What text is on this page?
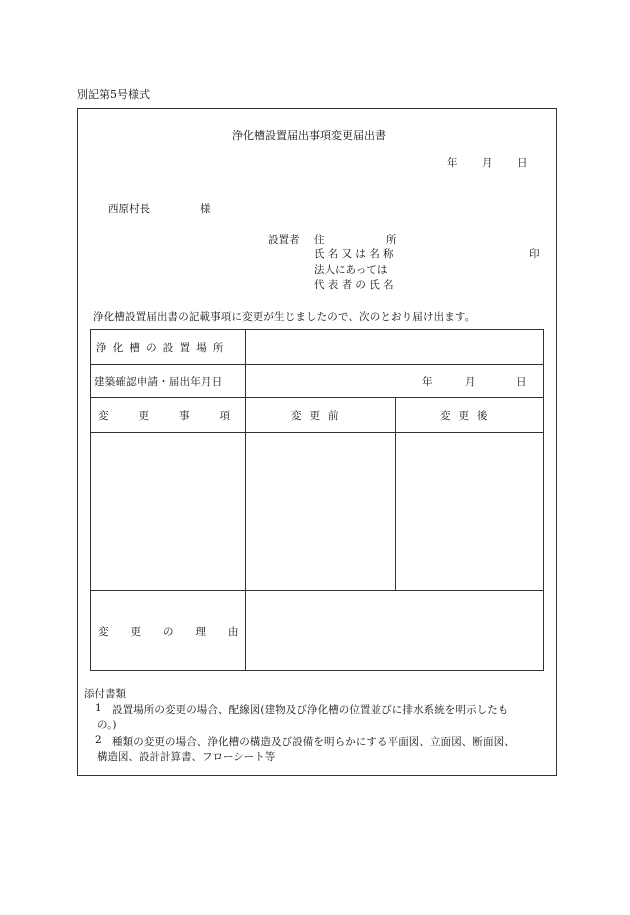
別記第5号様式
浄化槽設置届出事項変更届出書
年 月 日
西原村長	様
設置者 住	所
氏名又は名称	印
法人にあっては
代表者の氏名
浄化槽設置届出書の記載事項に変更が生じましたので、次のとおり届け出ます。
浄化槽の設置場所
建築確認申請・届出年月日	年	月	日
変更事項	変更前	変更後
変更の理由
添付書類
1 設置場所の変更の場合、配線図(建物及び浄化槽の位置並びに排水系統を明示したも
の。)
2 種類の変更の場合、浄化槽の構造及び設備を明らかにする平面図、立面図、断面図、
構造図、設計計算書、フローシート等
